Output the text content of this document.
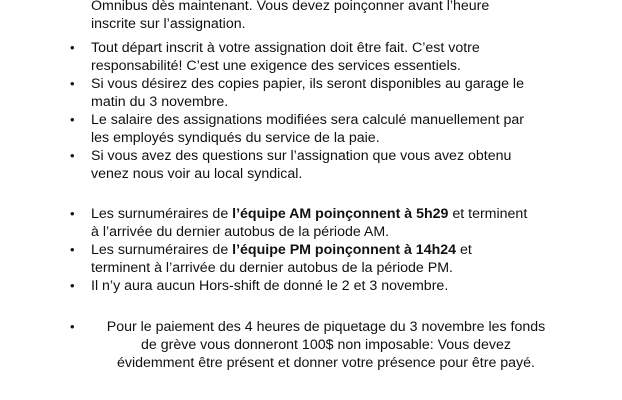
Omnibus dès maintenant. Vous devez poinçonner avant l’heure
inscrite sur l’assignation.
• Tout départ inscrit à votre assignation doit être fait. C’est votre
responsabilité! C’est une exigence des services essentiels.
• Si vous désirez des copies papier, ils seront disponibles au garage le
matin du 3 novembre.
• Le salaire des assignations modifiées sera calculé manuellement par
les employés syndiqués du service de la paie.
• Si vous avez des questions sur l’assignation que vous avez obtenu
venez nous voir au local syndical.
• Les surnuméraires de l’équipe AM poinçonnent à 5h29 et terminent
à l’arrivée du dernier autobus de la période AM.
• Les surnuméraires de l’équipe PM poinçonnent à 14h24 et
terminent à l’arrivée du dernier autobus de la période PM.
• Il n’y aura aucun Hors-shift de donné le 2 et 3 novembre.
•	Pour le paiement des 4 heures de piquetage du 3 novembre les fonds
de grève vous donneront 100$ non imposable: Vous devez
évidemment être présent et donner votre présence pour être payé.
